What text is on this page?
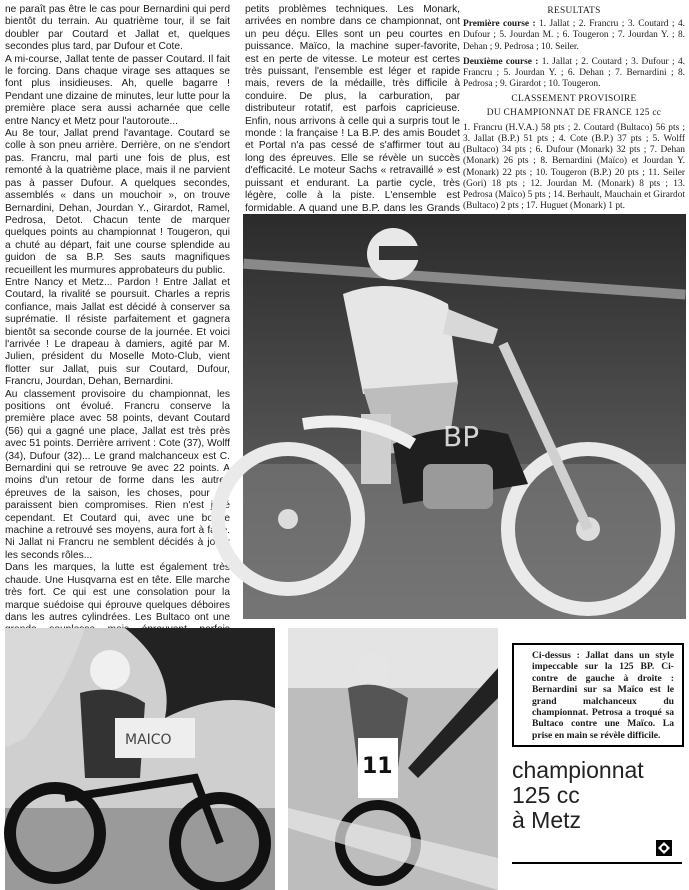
ne paraît pas être le cas pour Bernardini qui perd bientôt du terrain. Au quatrième tour, il se fait doubler par Coutard et Jallat et, quelques secondes plus tard, par Dufour et Cote.

A mi-course, Jallat tente de passer Coutard. Il fait le forcing. Dans chaque virage ses attaques se font plus insidieuses. Ah, quelle bagarre ! Pendant une dizaine de minutes, leur lutte pour la première place sera aussi acharnée que celle entre Nancy et Metz pour l'autoroute...

Au 8e tour, Jallat prend l'avantage. Coutard se colle à son pneu arrière. Derrière, on ne s'endort pas. Francru, mal parti une fois de plus, est remonté à la quatrième place, mais il ne parvient pas à passer Dufour. A quelques secondes, assemblés « dans un mouchoir », on trouve Bernardini, Dehan, Jourdan Y., Girardot, Ramel, Pedrosa, Detot. Chacun tente de marquer quelques points au championnat ! Tougeron, qui a chuté au départ, fait une course splendide au guidon de sa B.P. Ses sauts magnifiques recueillent les murmures approbateurs du public.

Entre Nancy et Metz... Pardon ! Entre Jallat et Coutard, la rivalité se poursuit. Charles a repris confiance, mais Jallat est décidé à conserver sa suprématie. Il résiste parfaitement et gagnera bientôt sa seconde course de la journée. Et voici l'arrivée ! Le drapeau à damiers, agité par M. Julien, président du Moselle Moto-Club, vient flotter sur Jallat, puis sur Coutard, Dufour, Francru, Jourdan, Dehan, Bernardini.

Au classement provisoire du championnat, les positions ont évolué. Francru conserve la première place avec 58 points, devant Coutard (56) qui a gagné une place, Jallat est très près avec 51 points. Derrière arrivent : Cote (37), Wolff (34), Dufour (32)... Le grand malchanceux est C. Bernardini qui se retrouve 9e avec 22 points. A moins d'un retour de forme dans les autres épreuves de la saison, les choses, pour lui, paraissent bien compromises. Rien n'est joué cependant. Et Coutard qui, avec une bonne machine a retrouvé ses moyens, aura fort à faire. Ni Jallat ni Francru ne semblent décidés à jouer les seconds rôles...

Dans les marques, la lutte est également très chaude. Une Husqvarna est en tête. Elle marche très fort. Ce qui est une consolation pour la marque suédoise qui éprouve quelques déboires dans les autres cylindrées. Les Bultaco ont une

petits problèmes techniques. Les Monark, arrivées en nombre dans ce championnat, ont un peu déçu. Elles sont un peu courtes en puissance. Maïco, la machine super-favorite, est en perte de vitesse. Le moteur est certes très puissant, l'ensemble est léger et rapide mais, revers de la médaille, très difficile à conduire. De plus, la carburation, par distributeur rotatif, est parfois capricieuse. Enfin, nous arrivons à celle qui a surpris tout le monde : la française ! La B.P. des amis Boudet et Portal n'a pas cessé de s'affirmer tout au long des épreuves. Elle se révèle un succès d'efficacité. Le moteur Sachs « retravaillé » est puissant et endurant. La partie cycle, très légère, colle à la piste. L'ensemble est formidable. A quand une B.P. dans les Grands

RESULTATS

Première course : 1. Jallat ; 2. Francru ; 3. Coutard ; 4. Dufour ; 5. Jourdan M. ; 6. Tougeron ; 7. Jourdan Y. ; 8. Dehan ; 9. Pedrosa ; 10. Seiler.

Deuxième course : 1. Jallat ; 2. Coutard ; 3. Dufour ; 4. Francru ; 5. Jourdan Y. ; 6. Dehan ; 7. Bernardini ; 8. Pedrosa ; 9. Girardot ; 10. Tougeron.

CLASSEMENT PROVISOIRE
DU CHAMPIONNAT DE FRANCE 125 cc

1. Francru (H.V.A.) 58 pts ; 2. Coutard (Bultaco) 56 pts ; 3. Jallat (B.P.) 51 pts ; 4. Cote (B.P.) 37 pts ; 5. Wolff (Bultaco) 34 pts ; 6. Dufour (Monark) 32 pts ; 7. Dehan (Monark) 26 pts ; 8. Bernardini (Maïco) et Jourdan Y. (Monark) 22 pts ; 10. Tougeron (B.P.) 20 pts ; 11. Seiler (Gori) 18 pts ; 12. Jourdan M. (Monark) 8 pts ; 13. Pedrosa (Maïco) 5 pts ; 14. Berhault, Mauchain et Girardot (Bultaco) 2 pts ; 17. Huguet (Monark) 1 pt.

BP
MAICO
11
Ci-dessus : Jallat dans un style impeccable sur la 125 BP. Ci-contre de gauche à droite : Bernardini sur sa Maïco est le grand malchanceux du championnat. Petrosa a troqué sa Bultaco contre une Maïco. La prise en main se révèle difficile.
championnat
125 cc
à Metz
